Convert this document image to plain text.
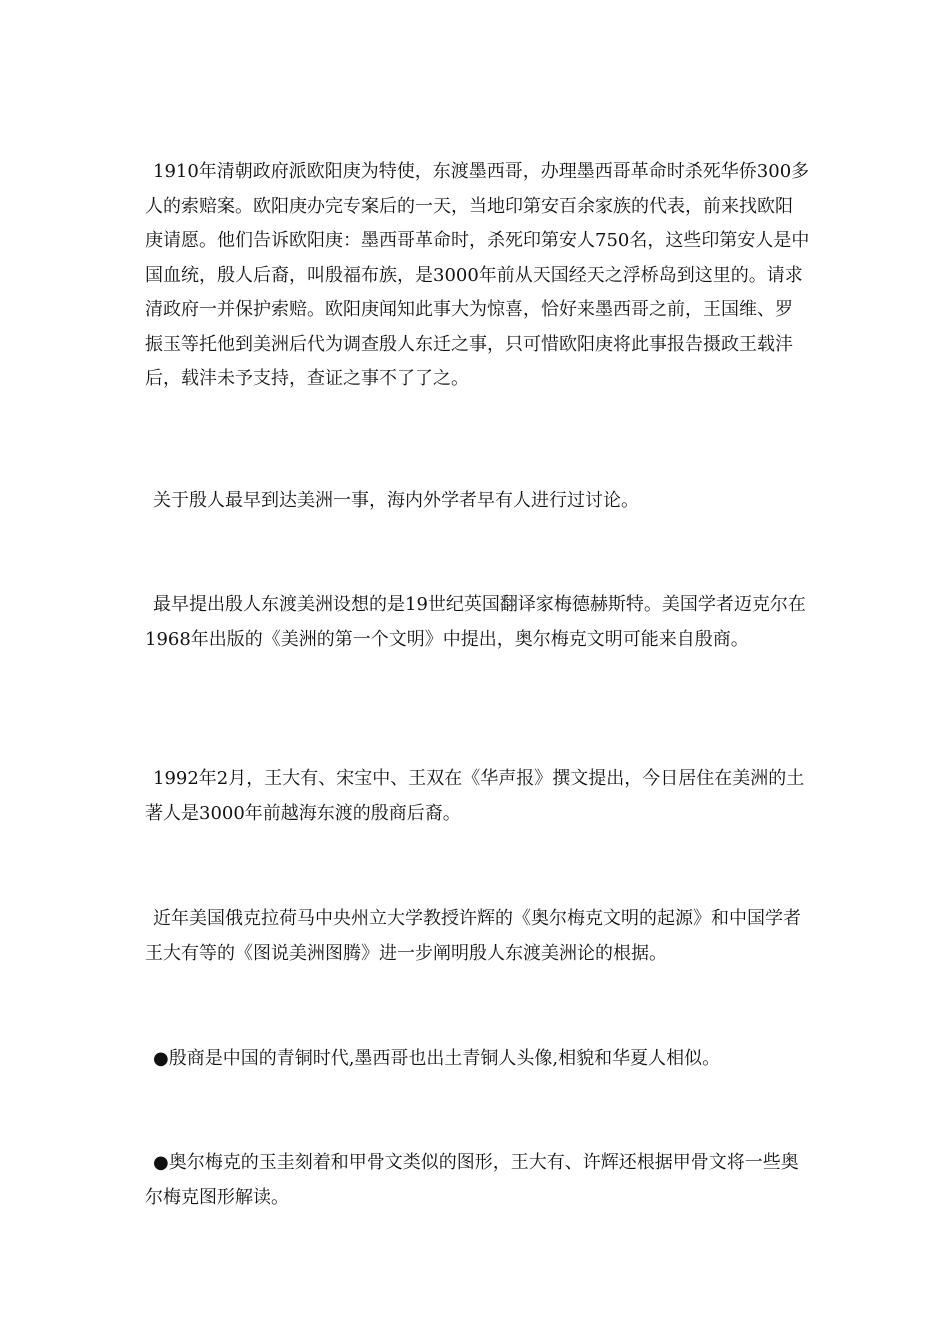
1910年清朝政府派欧阳庚为特使，东渡墨西哥，办理墨西哥革命时杀死华侨300多人的索赔案。欧阳庚办完专案后的一天，当地印第安百余家族的代表，前来找欧阳庚请愿。他们告诉欧阳庚：墨西哥革命时，杀死印第安人750名，这些印第安人是中国血统，殷人后裔，叫殷福布族，是3000年前从天国经天之浮桥岛到这里的。请求清政府一并保护索赔。欧阳庚闻知此事大为惊喜，恰好来墨西哥之前，王国维、罗振玉等托他到美洲后代为调查殷人东迁之事，只可惜欧阳庚将此事报告摄政王载沣后，载沣未予支持，查证之事不了了之。

关于殷人最早到达美洲一事，海内外学者早有人进行过讨论。

最早提出殷人东渡美洲设想的是19世纪英国翻译家梅德赫斯特。美国学者迈克尔在1968年出版的《美洲的第一个文明》中提出，奥尔梅克文明可能来自殷商。

1992年2月，王大有、宋宝中、王双在《华声报》撰文提出，今日居住在美洲的土著人是3000年前越海东渡的殷商后裔。

近年美国俄克拉荷马中央州立大学教授许辉的《奥尔梅克文明的起源》和中国学者王大有等的《图说美洲图腾》进一步阐明殷人东渡美洲论的根据。

●殷商是中国的青铜时代,墨西哥也出土青铜人头像,相貌和华夏人相似。

●奥尔梅克的玉圭刻着和甲骨文类似的图形，王大有、许辉还根据甲骨文将一些奥尔梅克图形解读。
